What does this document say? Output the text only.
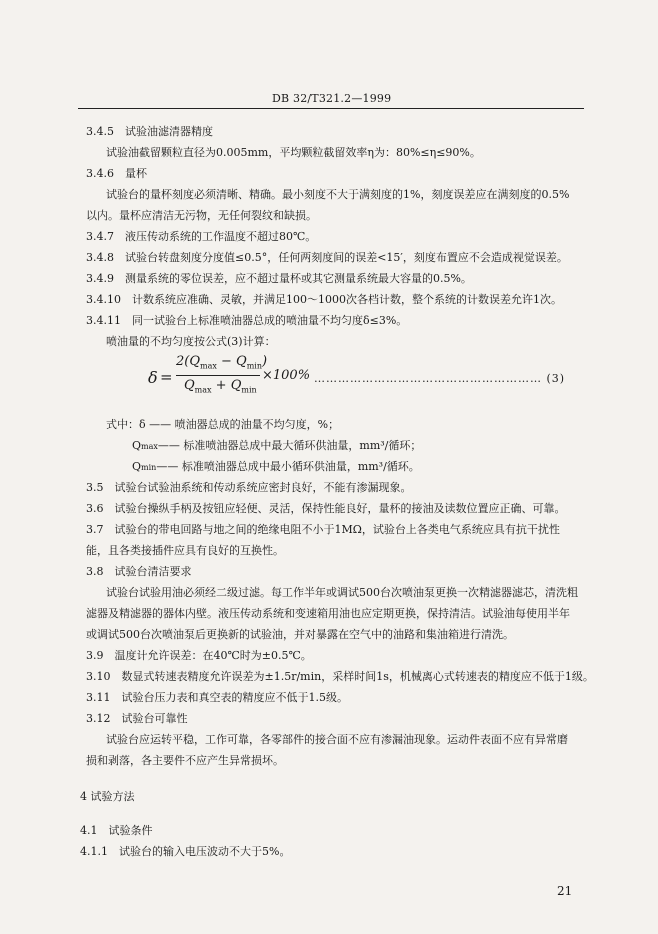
DB 32/T321.2—1999
3.4.5　试验油滤清器精度
试验油截留颗粒直径为0.005mm，平均颗粒截留效率η为：80%≤η≤90%。
3.4.6　量杯
试验台的量杯刻度必须清晰、精确。最小刻度不大于满刻度的1%，刻度误差应在满刻度的0.5%
以内。量杯应清洁无污物，无任何裂纹和缺损。
3.4.7　液压传动系统的工作温度不超过80℃。
3.4.8　试验台转盘刻度分度值≤0.5°，任何两刻度间的误差<15′，刻度布置应不会造成视觉误差。
3.4.9　测量系统的零位误差，应不超过量杯或其它测量系统最大容量的0.5%。
3.4.10　计数系统应准确、灵敏，并满足100～1000次各档计数，整个系统的计数误差允许1次。
3.4.11　同一试验台上标准喷油器总成的喷油量不均匀度δ≤3%。
喷油量的不均匀度按公式(3)计算：
δ =
$2(Q_{max} - Q_{min})$
$Q_{max} + Q_{min}$
×100% ………………………………………………… (3)
式中：δ —— 喷油器总成的油量不均匀度，%；
Qmax—— 标准喷油器总成中最大循环供油量，mm³/循环；
Qmin—— 标准喷油器总成中最小循环供油量，mm³/循环。
3.5　试验台试验油系统和传动系统应密封良好，不能有渗漏现象。
3.6　试验台操纵手柄及按钮应轻便、灵活，保持性能良好，量杯的接油及读数位置应正确、可靠。
3.7　试验台的带电回路与地之间的绝缘电阻不小于1MΩ，试验台上各类电气系统应具有抗干扰性
能，且各类接插件应具有良好的互换性。
3.8　试验台清洁要求
试验台试验用油必须经二级过滤。每工作半年或调试500台次喷油泵更换一次精滤器滤芯，清洗粗
滤器及精滤器的器体内壁。液压传动系统和变速箱用油也应定期更换，保持清洁。试验油每使用半年
或调试500台次喷油泵后更换新的试验油，并对暴露在空气中的油路和集油箱进行清洗。
3.9　温度计允许误差：在40℃时为±0.5℃。
3.10　数显式转速表精度允许误差为±1.5r/min，采样时间1s，机械离心式转速表的精度应不低于1级。
3.11　试验台压力表和真空表的精度应不低于1.5级。
3.12　试验台可靠性
试验台应运转平稳，工作可靠，各零部件的接合面不应有渗漏油现象。运动件表面不应有异常磨
损和剥落，各主要件不应产生异常损坏。
4 试验方法
4.1　试验条件
4.1.1　试验台的输入电压波动不大于5%。
21
